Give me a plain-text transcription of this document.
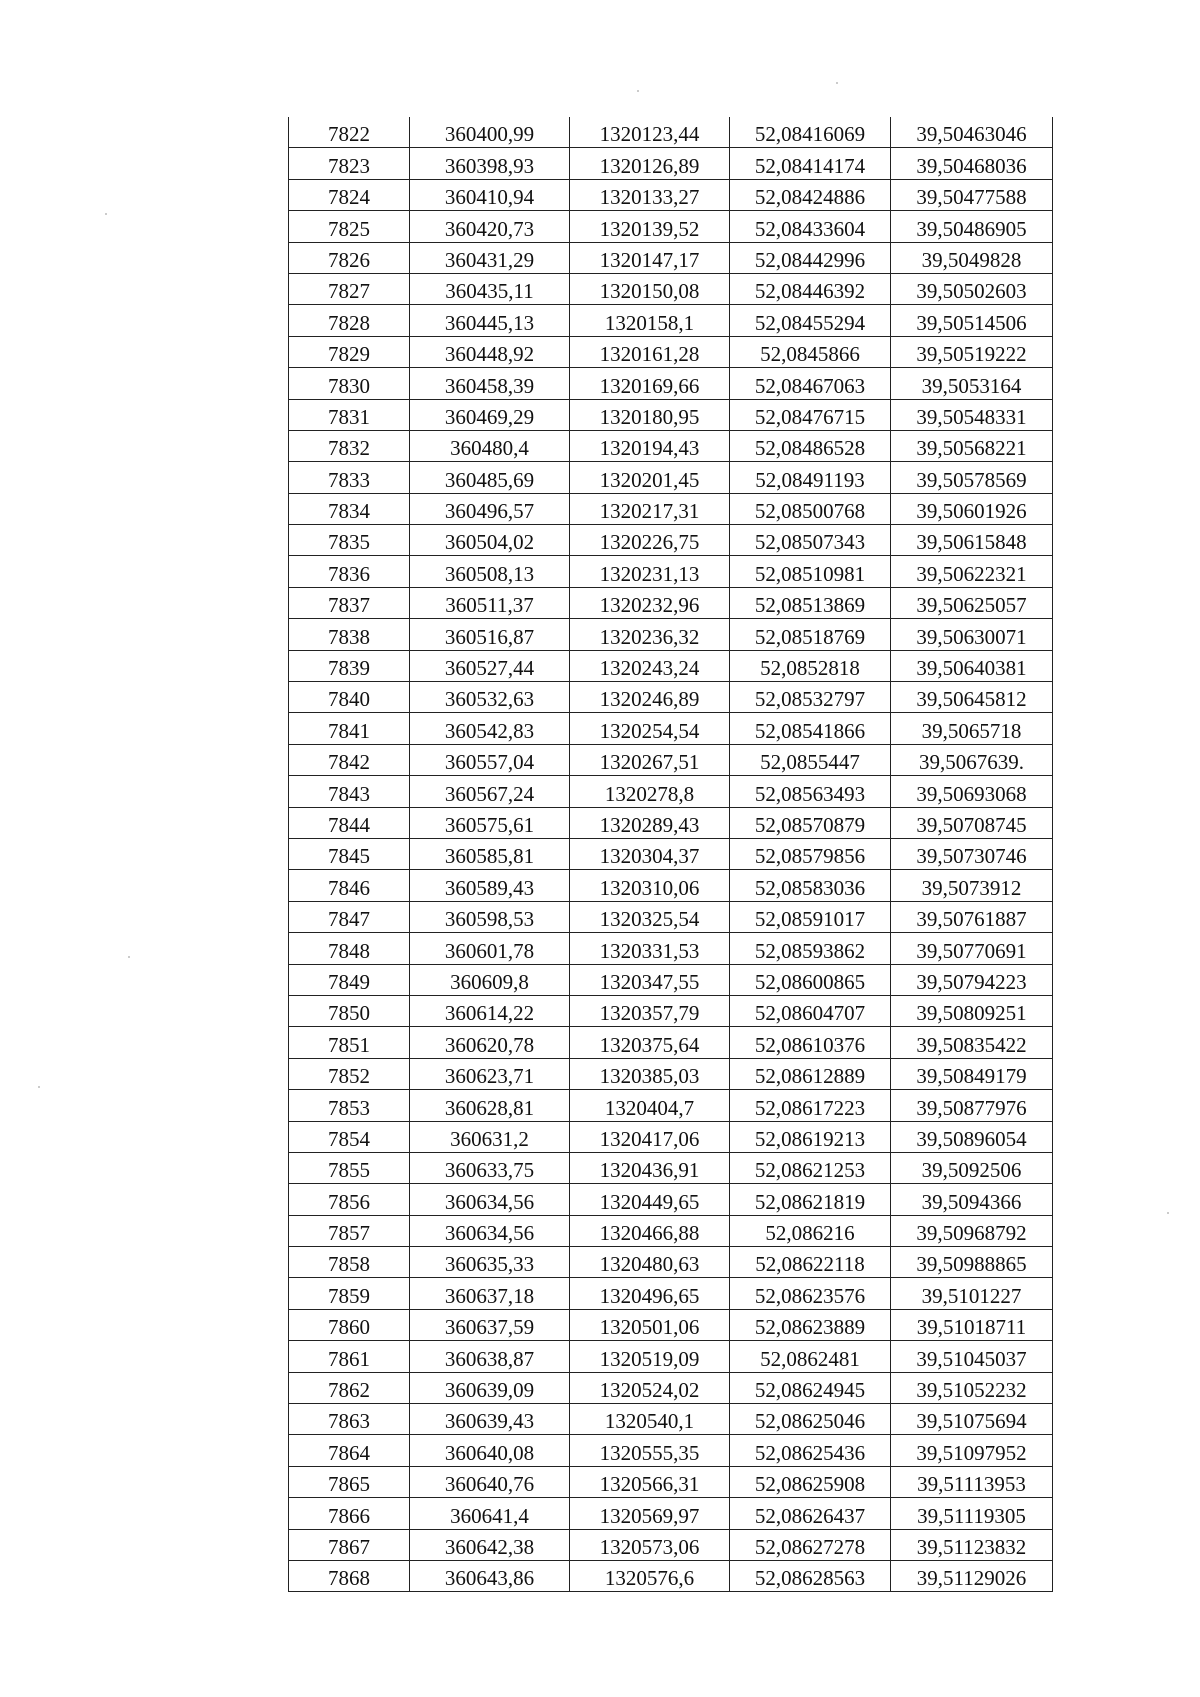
7822	360400,99	1320123,44	52,08416069	39,50463046
7823	360398,93	1320126,89	52,08414174	39,50468036
7824	360410,94	1320133,27	52,08424886	39,50477588
7825	360420,73	1320139,52	52,08433604	39,50486905
7826	360431,29	1320147,17	52,08442996	39,5049828
7827	360435,11	1320150,08	52,08446392	39,50502603
7828	360445,13	1320158,1	52,08455294	39,50514506
7829	360448,92	1320161,28	52,0845866	39,50519222
7830	360458,39	1320169,66	52,08467063	39,5053164
7831	360469,29	1320180,95	52,08476715	39,50548331
7832	360480,4	1320194,43	52,08486528	39,50568221
7833	360485,69	1320201,45	52,08491193	39,50578569
7834	360496,57	1320217,31	52,08500768	39,50601926
7835	360504,02	1320226,75	52,08507343	39,50615848
7836	360508,13	1320231,13	52,08510981	39,50622321
7837	360511,37	1320232,96	52,08513869	39,50625057
7838	360516,87	1320236,32	52,08518769	39,50630071
7839	360527,44	1320243,24	52,0852818	39,50640381
7840	360532,63	1320246,89	52,08532797	39,50645812
7841	360542,83	1320254,54	52,08541866	39,5065718
7842	360557,04	1320267,51	52,0855447	39,5067639.
7843	360567,24	1320278,8	52,08563493	39,50693068
7844	360575,61	1320289,43	52,08570879	39,50708745
7845	360585,81	1320304,37	52,08579856	39,50730746
7846	360589,43	1320310,06	52,08583036	39,5073912
7847	360598,53	1320325,54	52,08591017	39,50761887
7848	360601,78	1320331,53	52,08593862	39,50770691
7849	360609,8	1320347,55	52,08600865	39,50794223
7850	360614,22	1320357,79	52,08604707	39,50809251
7851	360620,78	1320375,64	52,08610376	39,50835422
7852	360623,71	1320385,03	52,08612889	39,50849179
7853	360628,81	1320404,7	52,08617223	39,50877976
7854	360631,2	1320417,06	52,08619213	39,50896054
7855	360633,75	1320436,91	52,08621253	39,5092506
7856	360634,56	1320449,65	52,08621819	39,5094366
7857	360634,56	1320466,88	52,086216	39,50968792
7858	360635,33	1320480,63	52,08622118	39,50988865
7859	360637,18	1320496,65	52,08623576	39,5101227
7860	360637,59	1320501,06	52,08623889	39,51018711
7861	360638,87	1320519,09	52,0862481	39,51045037
7862	360639,09	1320524,02	52,08624945	39,51052232
7863	360639,43	1320540,1	52,08625046	39,51075694
7864	360640,08	1320555,35	52,08625436	39,51097952
7865	360640,76	1320566,31	52,08625908	39,51113953
7866	360641,4	1320569,97	52,08626437	39,51119305
7867	360642,38	1320573,06	52,08627278	39,51123832
7868	360643,86	1320576,6	52,08628563	39,51129026
